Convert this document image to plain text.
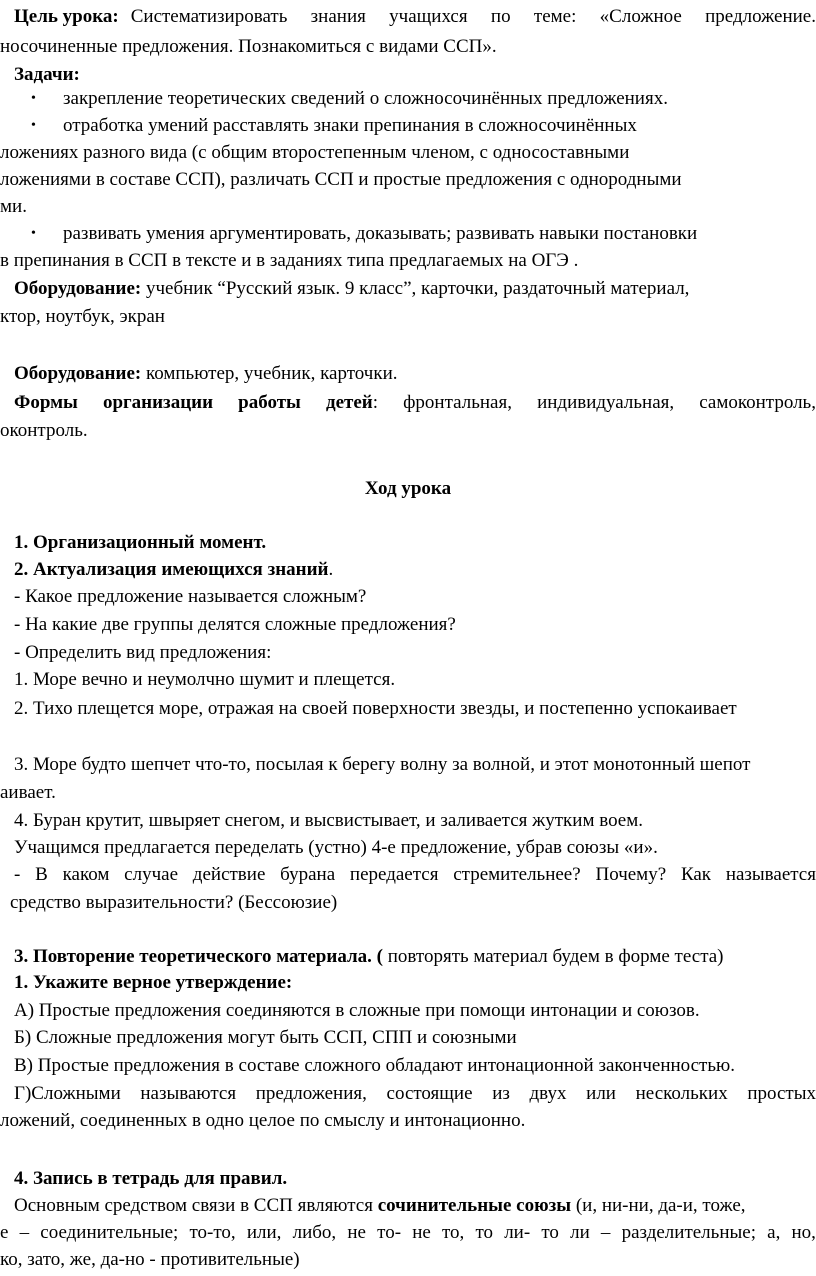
Цель урока: Систематизировать знания учащихся по теме: «Сложное предложение.
носочиненные предложения. Познакомиться с видами ССП».
Задачи:
• закрепление теоретических сведений о сложносочинённых предложениях.
• отработка умений расставлять знаки препинания в сложносочинённых
ложениях разного вида (с общим второстепенным членом, с односоставными
ложениями в составе ССП), различать ССП и простые предложения с однородными
ми.
• развивать умения аргументировать, доказывать; развивать навыки постановки
в препинания в ССП в тексте и в заданиях типа предлагаемых на ОГЭ .
Оборудование: учебник “Русский язык. 9 класс”, карточки, раздаточный материал,
ктор, ноутбук, экран
Оборудование: компьютер, учебник, карточки.
Формы организации работы детей: фронтальная, индивидуальная, самоконтроль,
оконтроль.
Ход урока
1. Организационный момент.
2. Актуализация имеющихся знаний.
- Какое предложение называется сложным?
- На какие две группы делятся сложные предложения?
- Определить вид предложения:
1. Море вечно и неумолчно шумит и плещется.
2. Тихо плещется море, отражая на своей поверхности звезды, и постепенно успокаивает
3. Море будто шепчет что-то, посылая к берегу волну за волной, и этот монотонный шепот
аивает.
4. Буран крутит, швыряет снегом, и высвистывает, и заливается жутким воем.
Учащимся предлагается переделать (устно) 4-е предложение, убрав союзы «и».
- В каком случае действие бурана передается стремительнее? Почему? Как называется
средство выразительности? (Бессоюзие)
3. Повторение теоретического материала. ( повторять материал будем в форме теста)
1. Укажите верное утверждение:
А) Простые предложения соединяются в сложные при помощи интонации и союзов.
Б) Сложные предложения могут быть ССП, СПП и союзными
В) Простые предложения в составе сложного обладают интонационной законченностью.
Г)Сложными называются предложения, состоящие из двух или нескольких простых
ложений, соединенных в одно целое по смыслу и интонационно.
4. Запись в тетрадь для правил.
Основным средством связи в ССП являются сочинительные союзы (и, ни-ни, да-и, тоже,
е – соединительные; то-то, или, либо, не то- не то, то ли- то ли – разделительные; а, но,
ко, зато, же, да-но - противительные)
